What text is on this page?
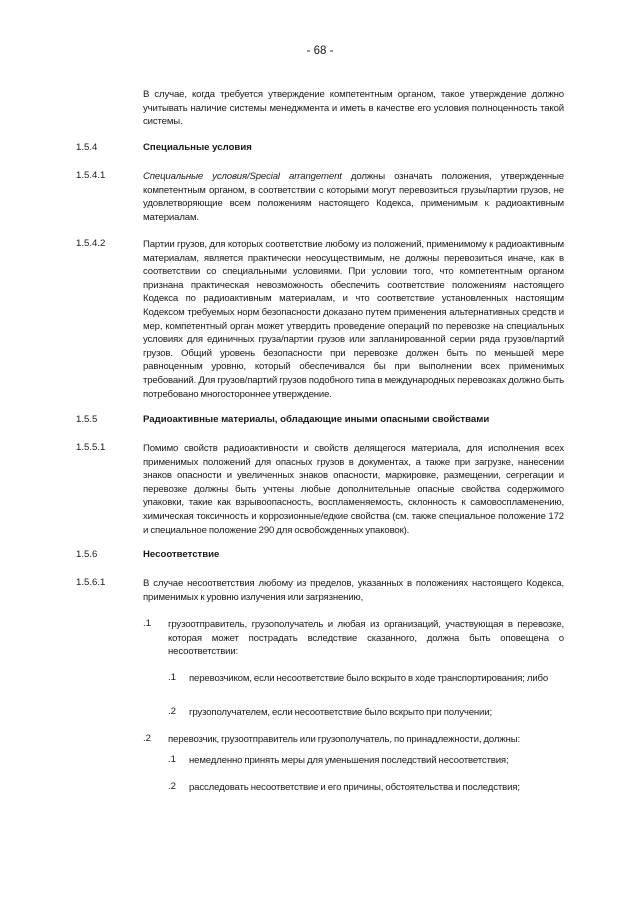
- 68 -
В случае, когда требуется утверждение компетентным органом, такое утверждение должно учитывать наличие системы менеджмента и иметь в качестве его условия полноценность такой системы.
1.5.4	Специальные условия
1.5.4.1	Специальные условия/Special arrangement должны означать положения, утвержденные компетентным органом, в соответствии с которыми могут перевозиться грузы/партии грузов, не удовлетворяющие всем положениям настоящего Кодекса, применимым к радиоактивным материалам.
1.5.4.2	Партии грузов, для которых соответствие любому из положений, применимому к радиоактивным материалам, является практически неосуществимым, не должны перевозиться иначе, как в соответствии со специальными условиями. При условии того, что компетентным органом признана практическая невозможность обеспечить соответствие положениям настоящего Кодекса по радиоактивным материалам, и что соответствие установленных настоящим Кодексом требуемых норм безопасности доказано путем применения альтернативных средств и мер, компетентный орган может утвердить проведение операций по перевозке на специальных условиях для единичных груза/партии грузов или запланированной серии ряда грузов/партий грузов. Общий уровень безопасности при перевозке должен быть по меньшей мере равноценным уровню, который обеспечивался бы при выполнении всех применимых требований. Для грузов/партий грузов подобного типа в международных перевозках должно быть потребовано многостороннее утверждение.
1.5.5	Радиоактивные материалы, обладающие иными опасными свойствами
1.5.5.1	Помимо свойств радиоактивности и свойств делящегося материала, для исполнения всех применимых положений для опасных грузов в документах, а также при загрузке, нанесении знаков опасности и увеличенных знаков опасности, маркировке, размещении, сегрегации и перевозке должны быть учтены любые дополнительные опасные свойства содержимого упаковки, такие как взрывоопасность, воспламеняемость, склонность к самовоспламенению, химическая токсичность и коррозионные/едкие свойства (см. также специальное положение 172 и специальное положение 290 для освобожденных упаковок).
1.5.6	Несоответствие
1.5.6.1	В случае несоответствия любому из пределов, указанных в положениях настоящего Кодекса, применимых к уровню излучения или загрязнению,
.1 грузоотправитель, грузополучатель и любая из организаций, участвующая в перевозке, которая может пострадать вследствие сказанного, должна быть оповещена о несоответствии:
.1 перевозчиком, если несоответствие было вскрыто в ходе транспортирования; либо
.2 грузополучателем, если несоответствие было вскрыто при получении;
.2 перевозчик, грузоотправитель или грузополучатель, по принадлежности, должны:
.1 немедленно принять меры для уменьшения последствий несоответствия;
.2 расследовать несоответствие и его причины, обстоятельства и последствия;
